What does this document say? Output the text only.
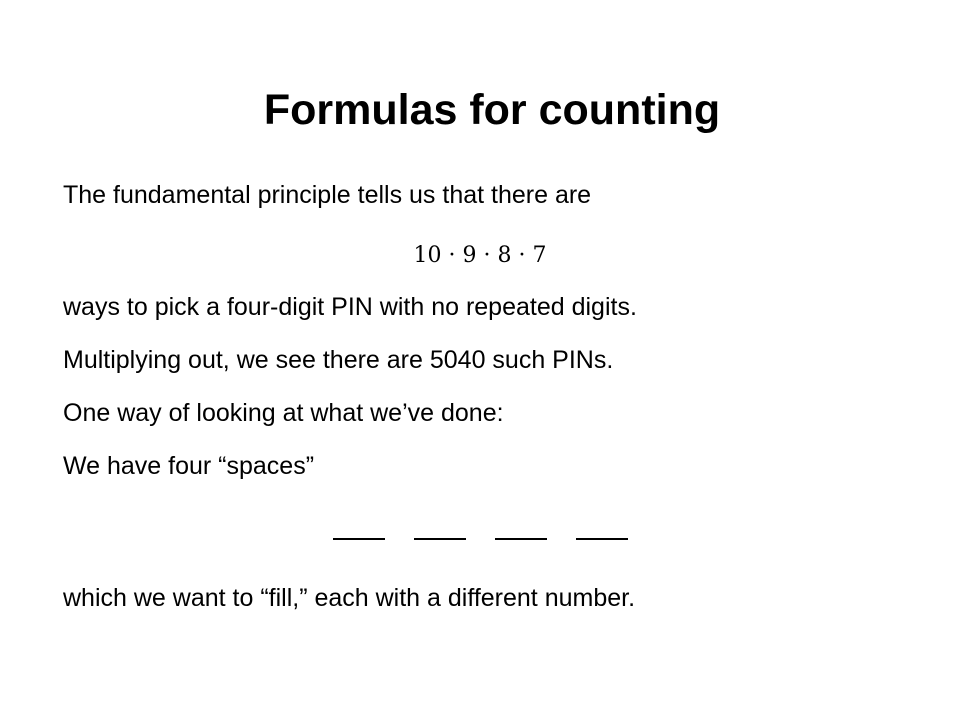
Formulas for counting
The fundamental principle tells us that there are
10 · 9 · 8 · 7
ways to pick a four-digit PIN with no repeated digits.
Multiplying out, we see there are 5040 such PINs.
One way of looking at what we’ve done:
We have four “spaces”
which we want to “fill,” each with a different number.
